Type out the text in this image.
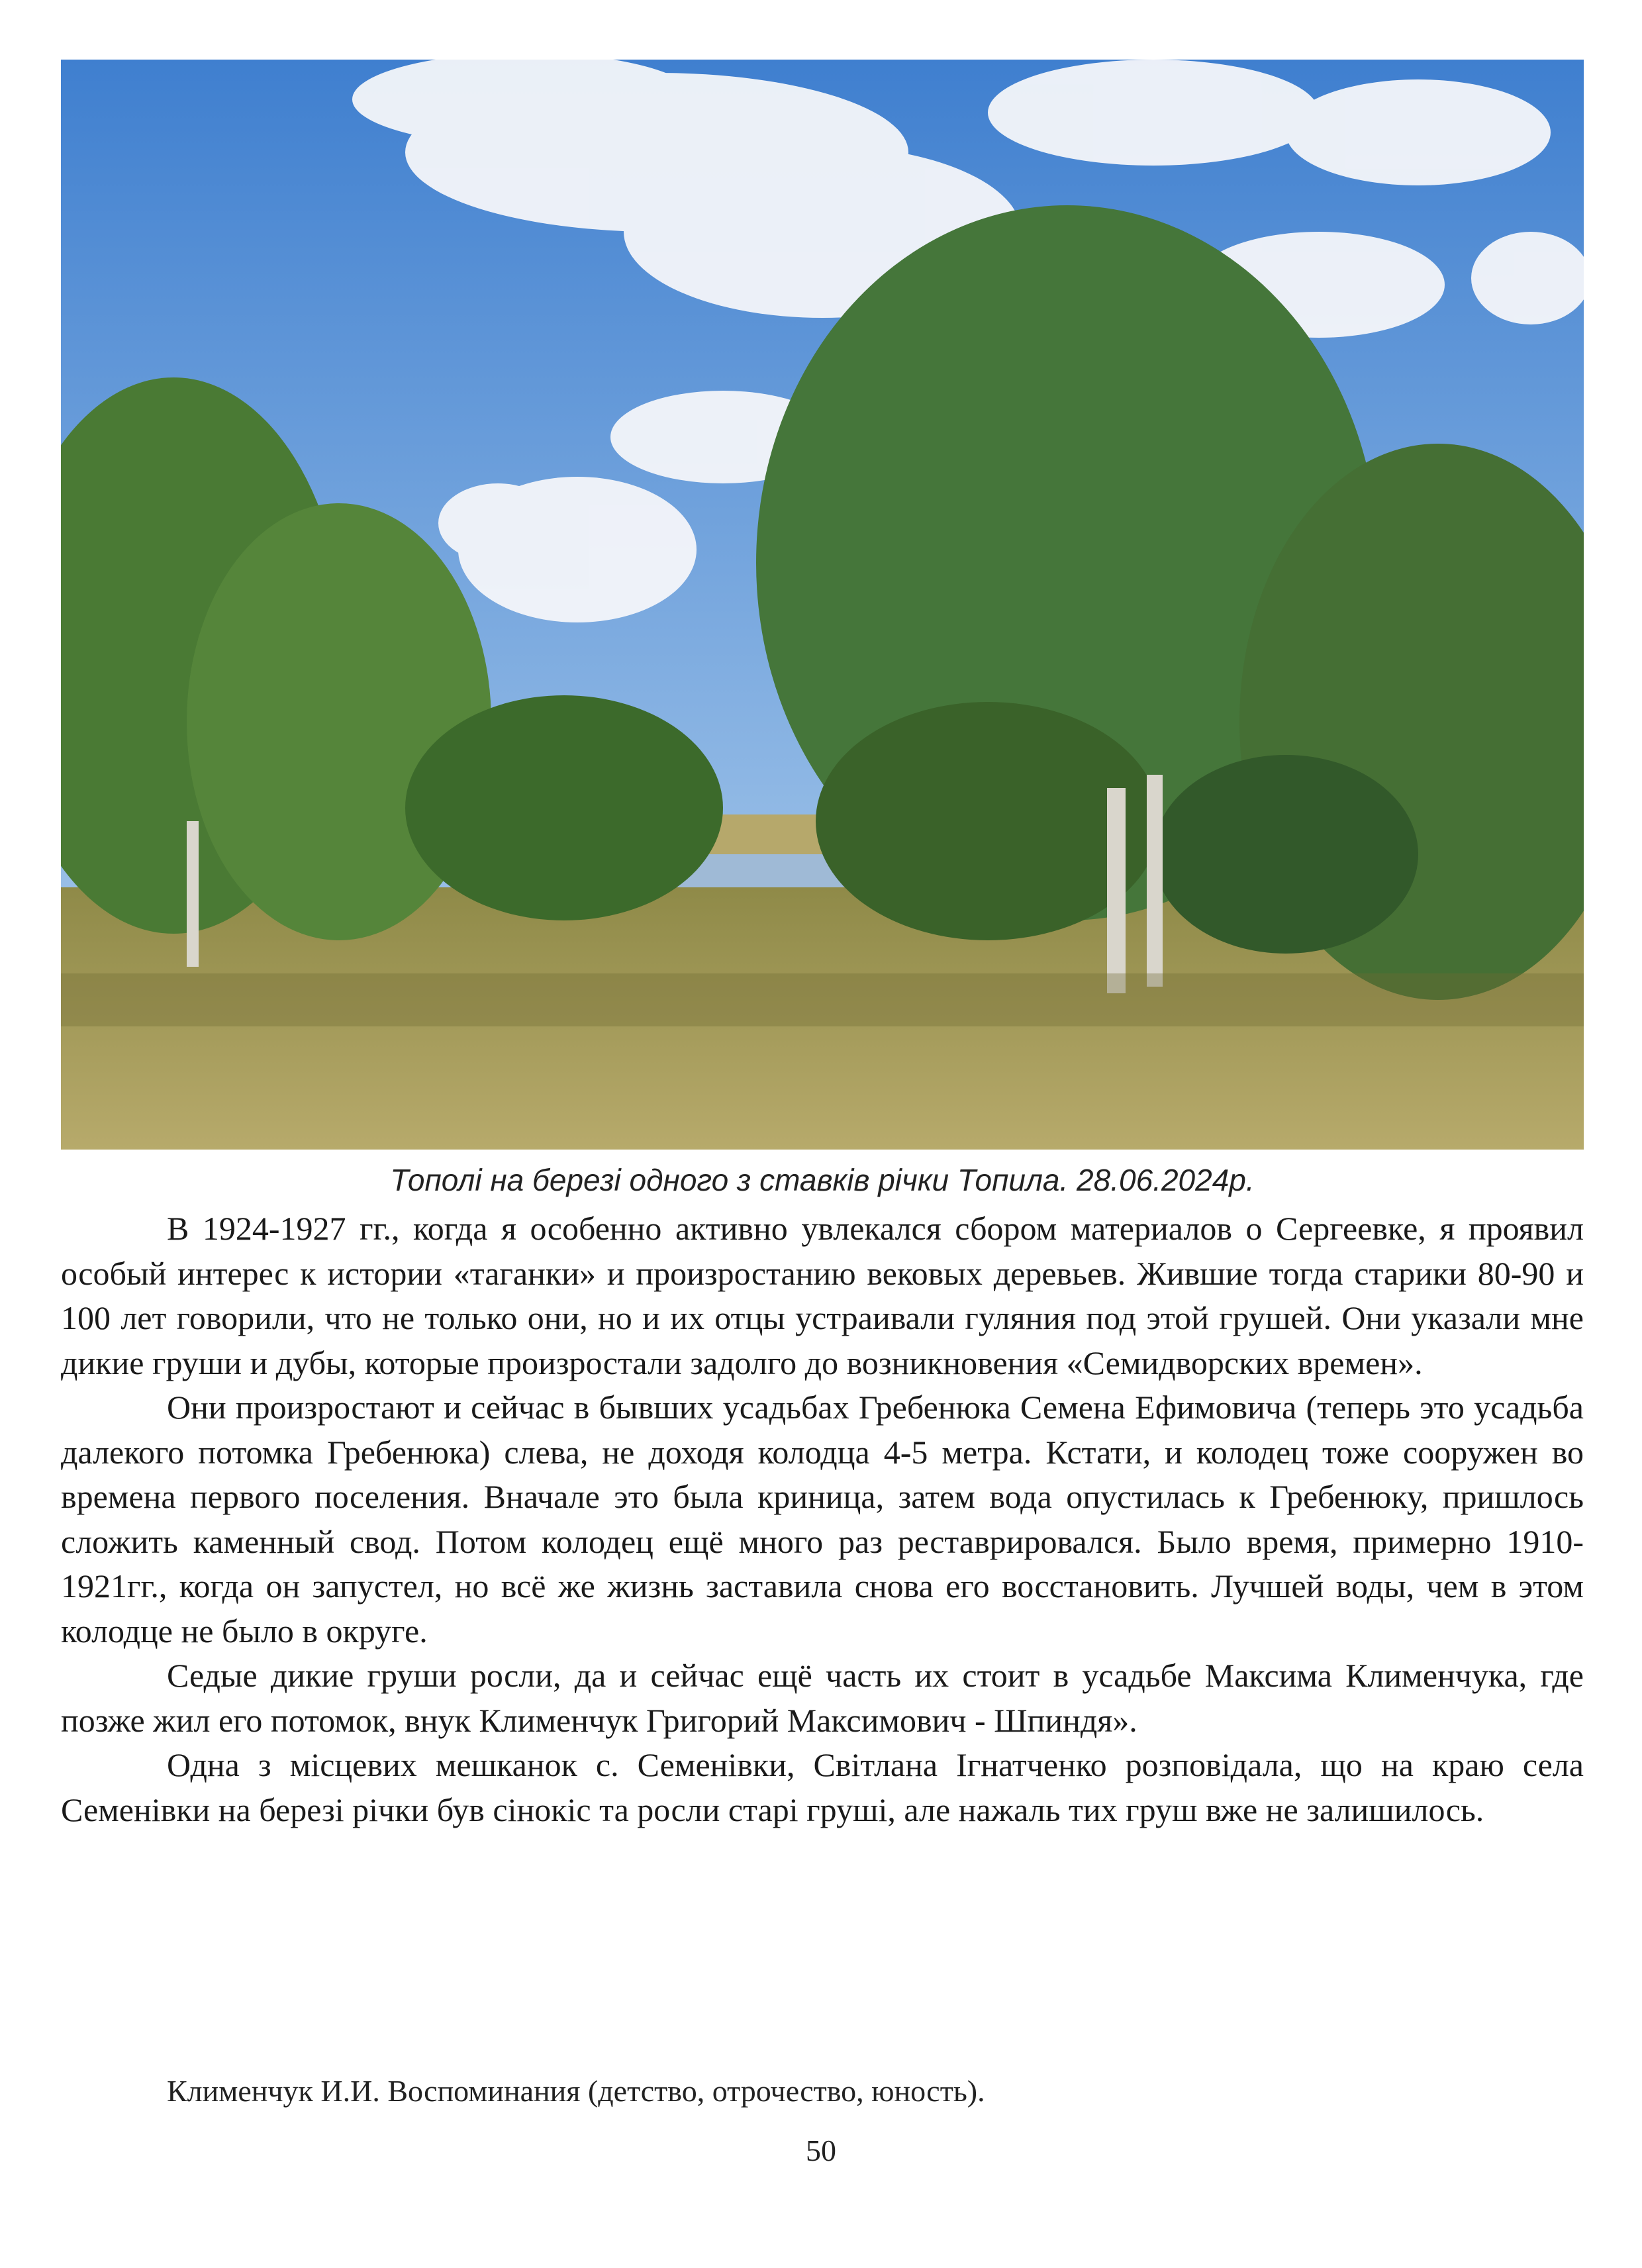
Тополі на березі одного з ставків річки Топила. 28.06.2024р.

В 1924-1927 гг., когда я особенно активно увлекался сбором материалов о Сергеевке, я проявил особый интерес к истории «таганки» и произростанию вековых деревьев. Жившие тогда старики 80-90 и 100 лет говорили, что не только они, но и их отцы устраивали гуляния под этой грушей. Они указали мне дикие груши и дубы, которые произростали задолго до возникновения «Семидворских времен».

Они произростают и сейчас в бывших усадьбах Гребенюка Семена Ефимовича (теперь это усадьба далекого потомка Гребенюка) слева, не доходя колодца 4-5 метра. Кстати, и колодец тоже сооружен во времена первого поселения. Вначале это была криница, затем вода опустилась к Гребенюку, пришлось сложить каменный свод. Потом колодец ещё много раз реставрировался. Было время, примерно 1910-1921гг., когда он запустел, но всё же жизнь заставила снова его восстановить. Лучшей воды, чем в этом колодце не было в округе.

Седые дикие груши росли, да и сейчас ещё часть их стоит в усадьбе Максима Клименчука, где позже жил его потомок, внук Клименчук Григорий Максимович - Шпиндя».

Одна з місцевих мешканок с. Семенівки, Світлана Ігнатченко розповідала, що на краю села Семенівки на березі річки був сінокіс та росли старі груші, але нажаль тих груш вже не залишилось.

Клименчук И.И. Воспоминания (детство, отрочество, юность).
50
